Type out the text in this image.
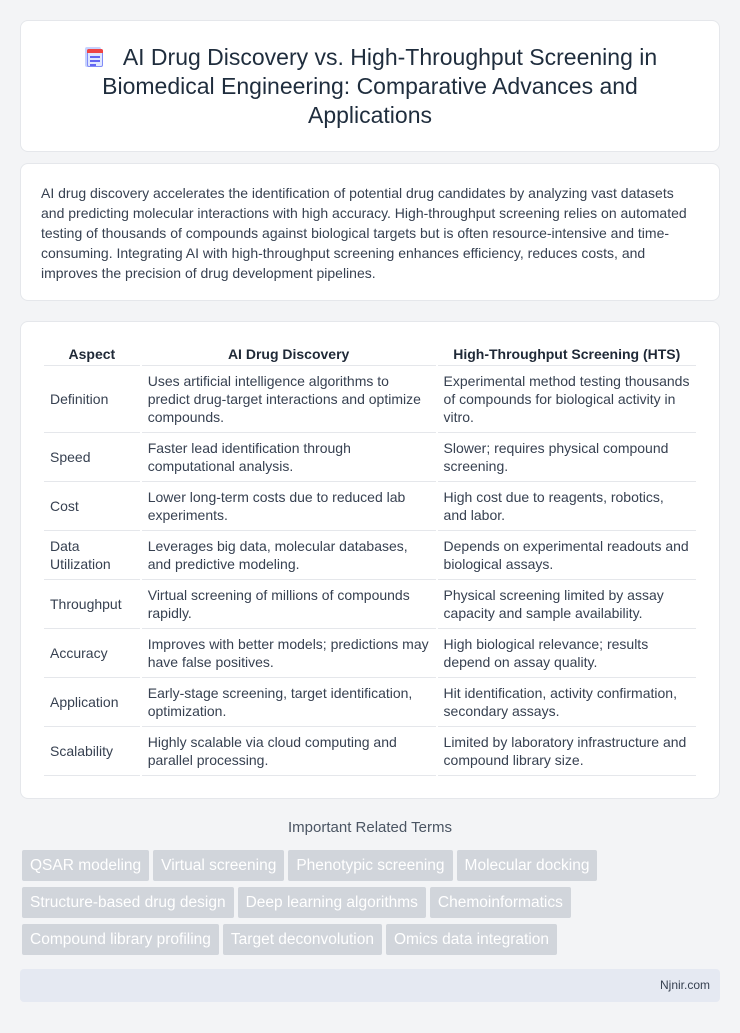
AI Drug Discovery vs. High-Throughput Screening in Biomedical Engineering: Comparative Advances and Applications

AI drug discovery accelerates the identification of potential drug candidates by analyzing vast datasets and predicting molecular interactions with high accuracy. High-throughput screening relies on automated testing of thousands of compounds against biological targets but is often resource-intensive and time-consuming. Integrating AI with high-throughput screening enhances efficiency, reduces costs, and improves the precision of drug development pipelines.

Aspect	AI Drug Discovery	High-Throughput Screening (HTS)
Definition	Uses artificial intelligence algorithms to predict drug-target interactions and optimize compounds.	Experimental method testing thousands of compounds for biological activity in vitro.
Speed	Faster lead identification through computational analysis.	Slower; requires physical compound screening.
Cost	Lower long-term costs due to reduced lab experiments.	High cost due to reagents, robotics, and labor.
Data Utilization	Leverages big data, molecular databases, and predictive modeling.	Depends on experimental readouts and biological assays.
Throughput	Virtual screening of millions of compounds rapidly.	Physical screening limited by assay capacity and sample availability.
Accuracy	Improves with better models; predictions may have false positives.	High biological relevance; results depend on assay quality.
Application	Early-stage screening, target identification, optimization.	Hit identification, activity confirmation, secondary assays.
Scalability	Highly scalable via cloud computing and parallel processing.	Limited by laboratory infrastructure and compound library size.
Important Related Terms
QSAR modeling Virtual screening Phenotypic screening Molecular docking
Structure-based drug design Deep learning algorithms Chemoinformatics
Compound library profiling Target deconvolution Omics data integration
Njnir.com
